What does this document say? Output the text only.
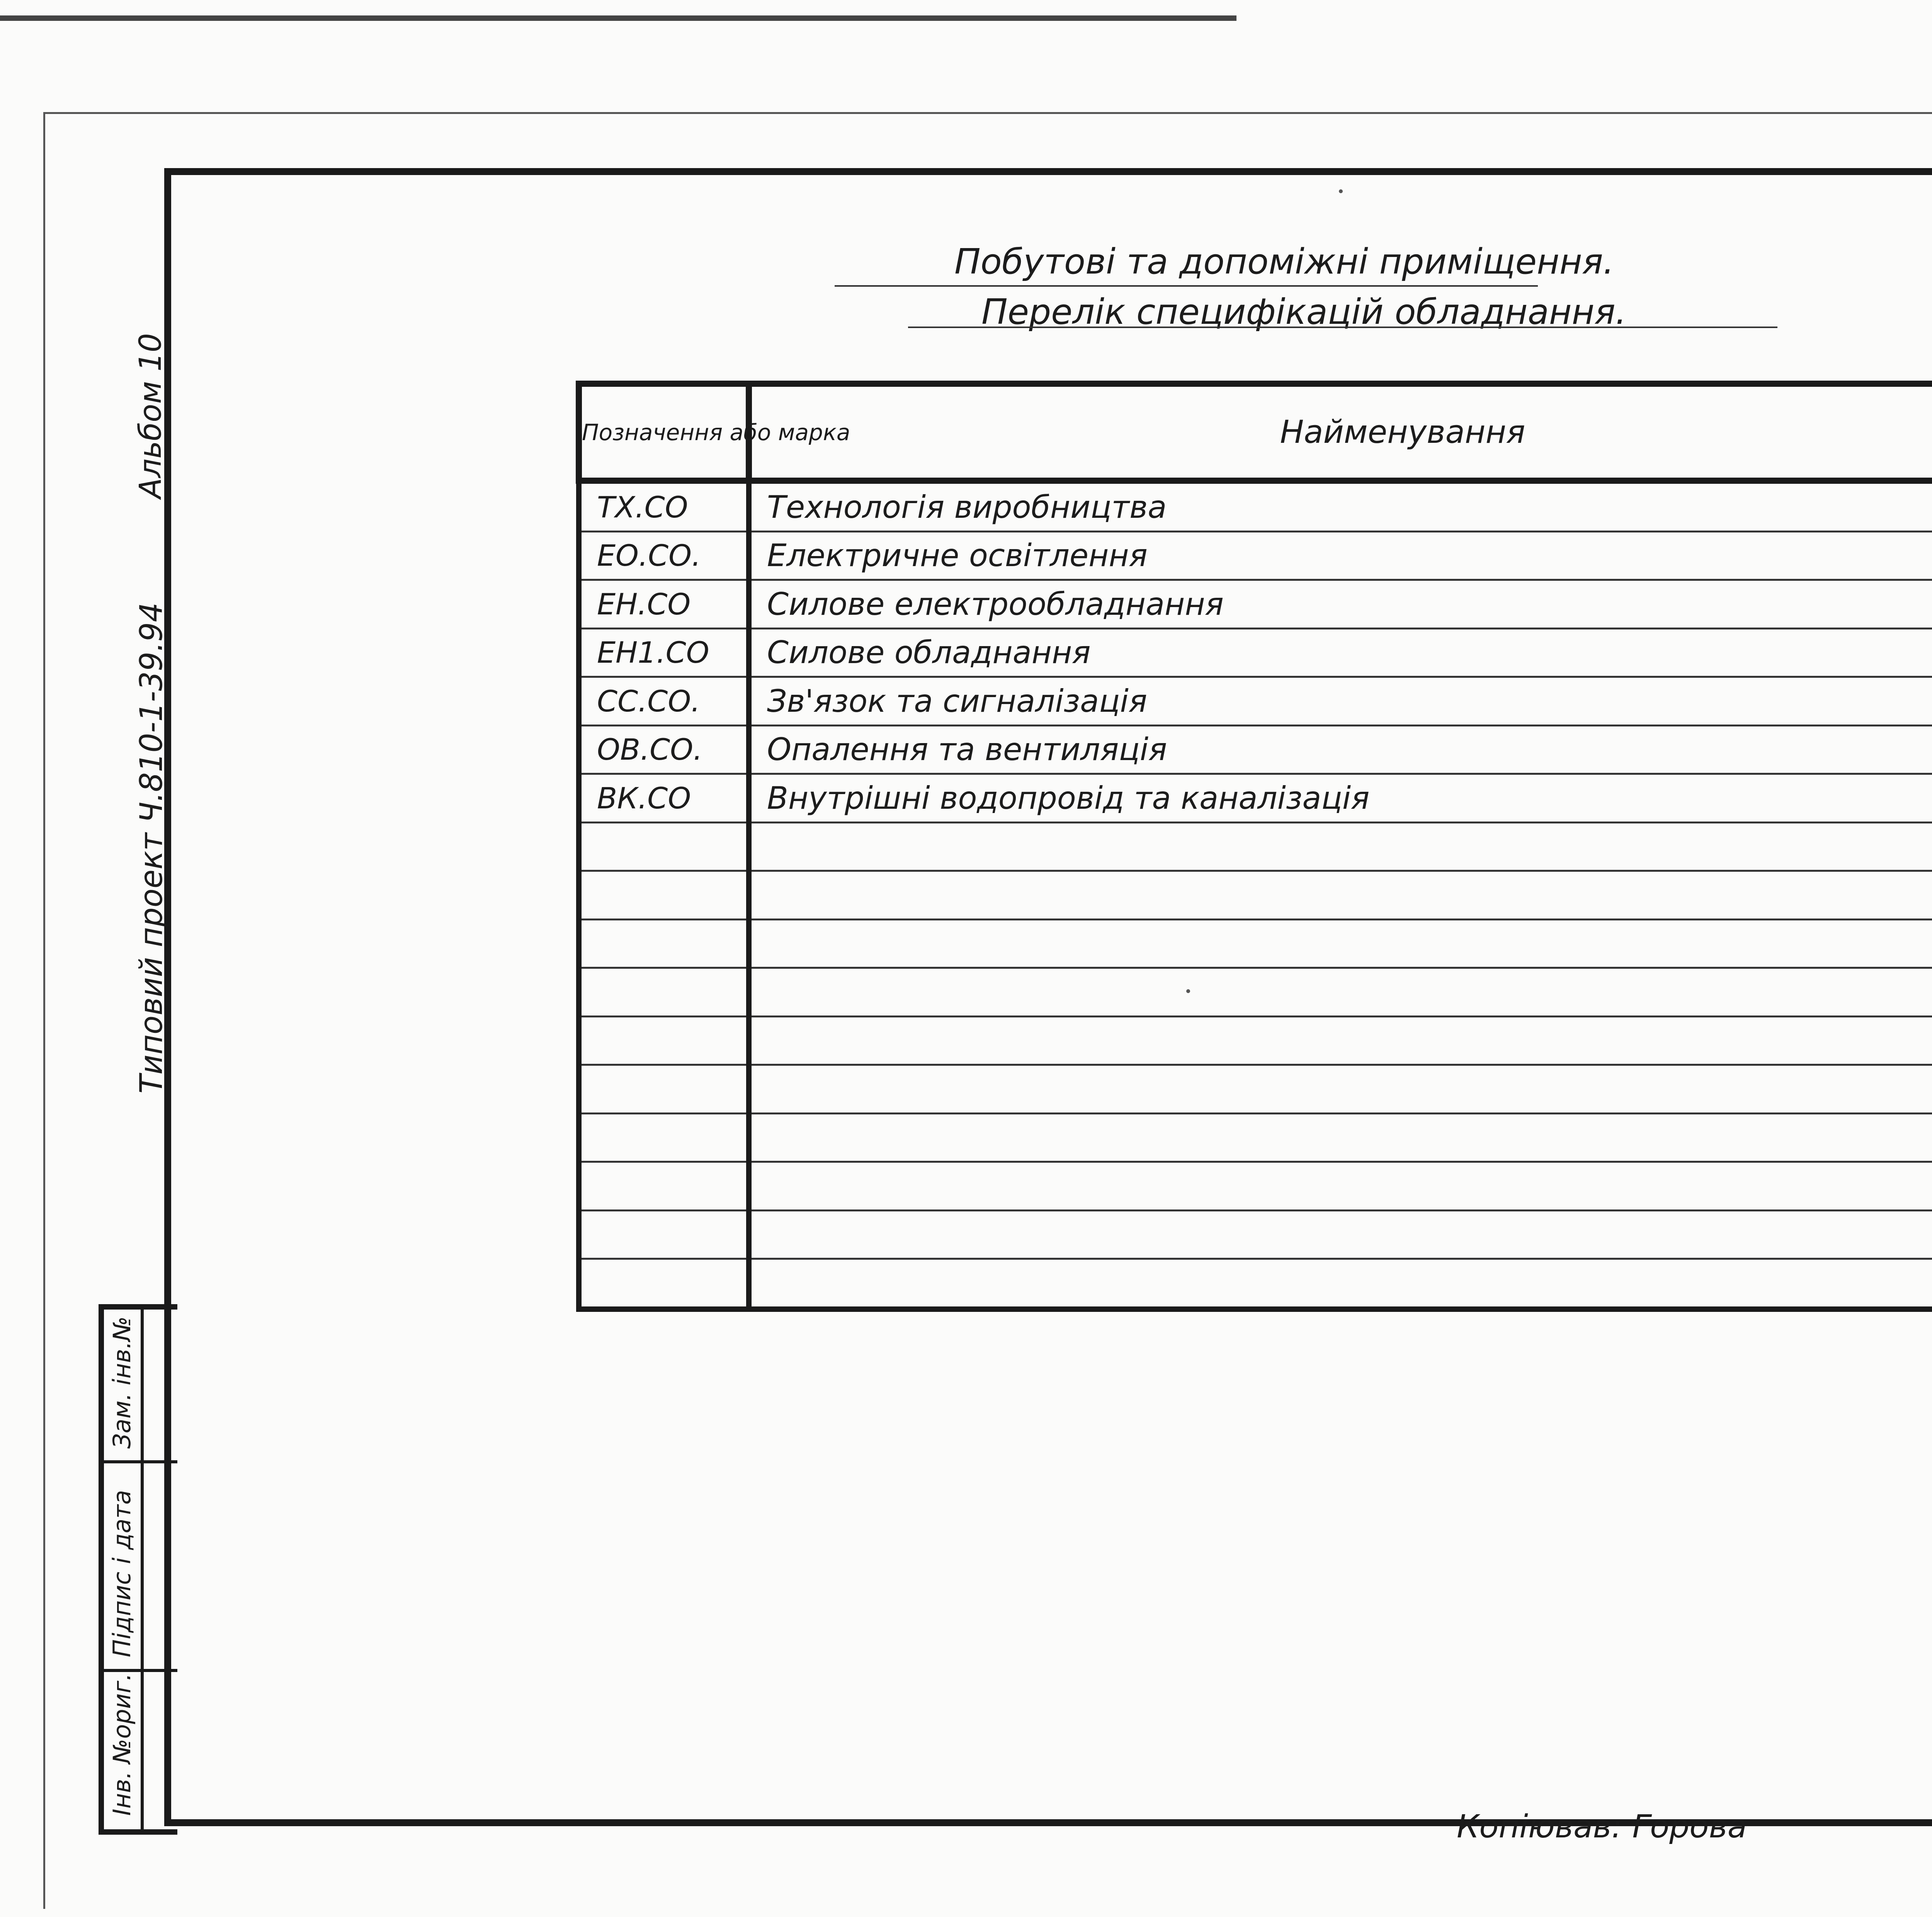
Побутові та допоміжні приміщення.
Перелік специфікацій обладнання.
Позначення або марка	Найменування	
ТХ.СО	Технологія виробництва	
ЕО.СО.	Електричне освітлення	
ЕН.СО	Силове електрообладнання	
ЕН1.СО	Силове обладнання	
СС.СО.	Зв'язок та сигналізація	
ОВ.СО.	Опалення та вентиляція	
ВК.СО	Внутрішні водопровід та каналізація	

Альбом 10
Типовий проект Ч.810-1-39.94
Зам. інв.№
Підпис і дата
Інв. №ориг.
Копіював: Горова
